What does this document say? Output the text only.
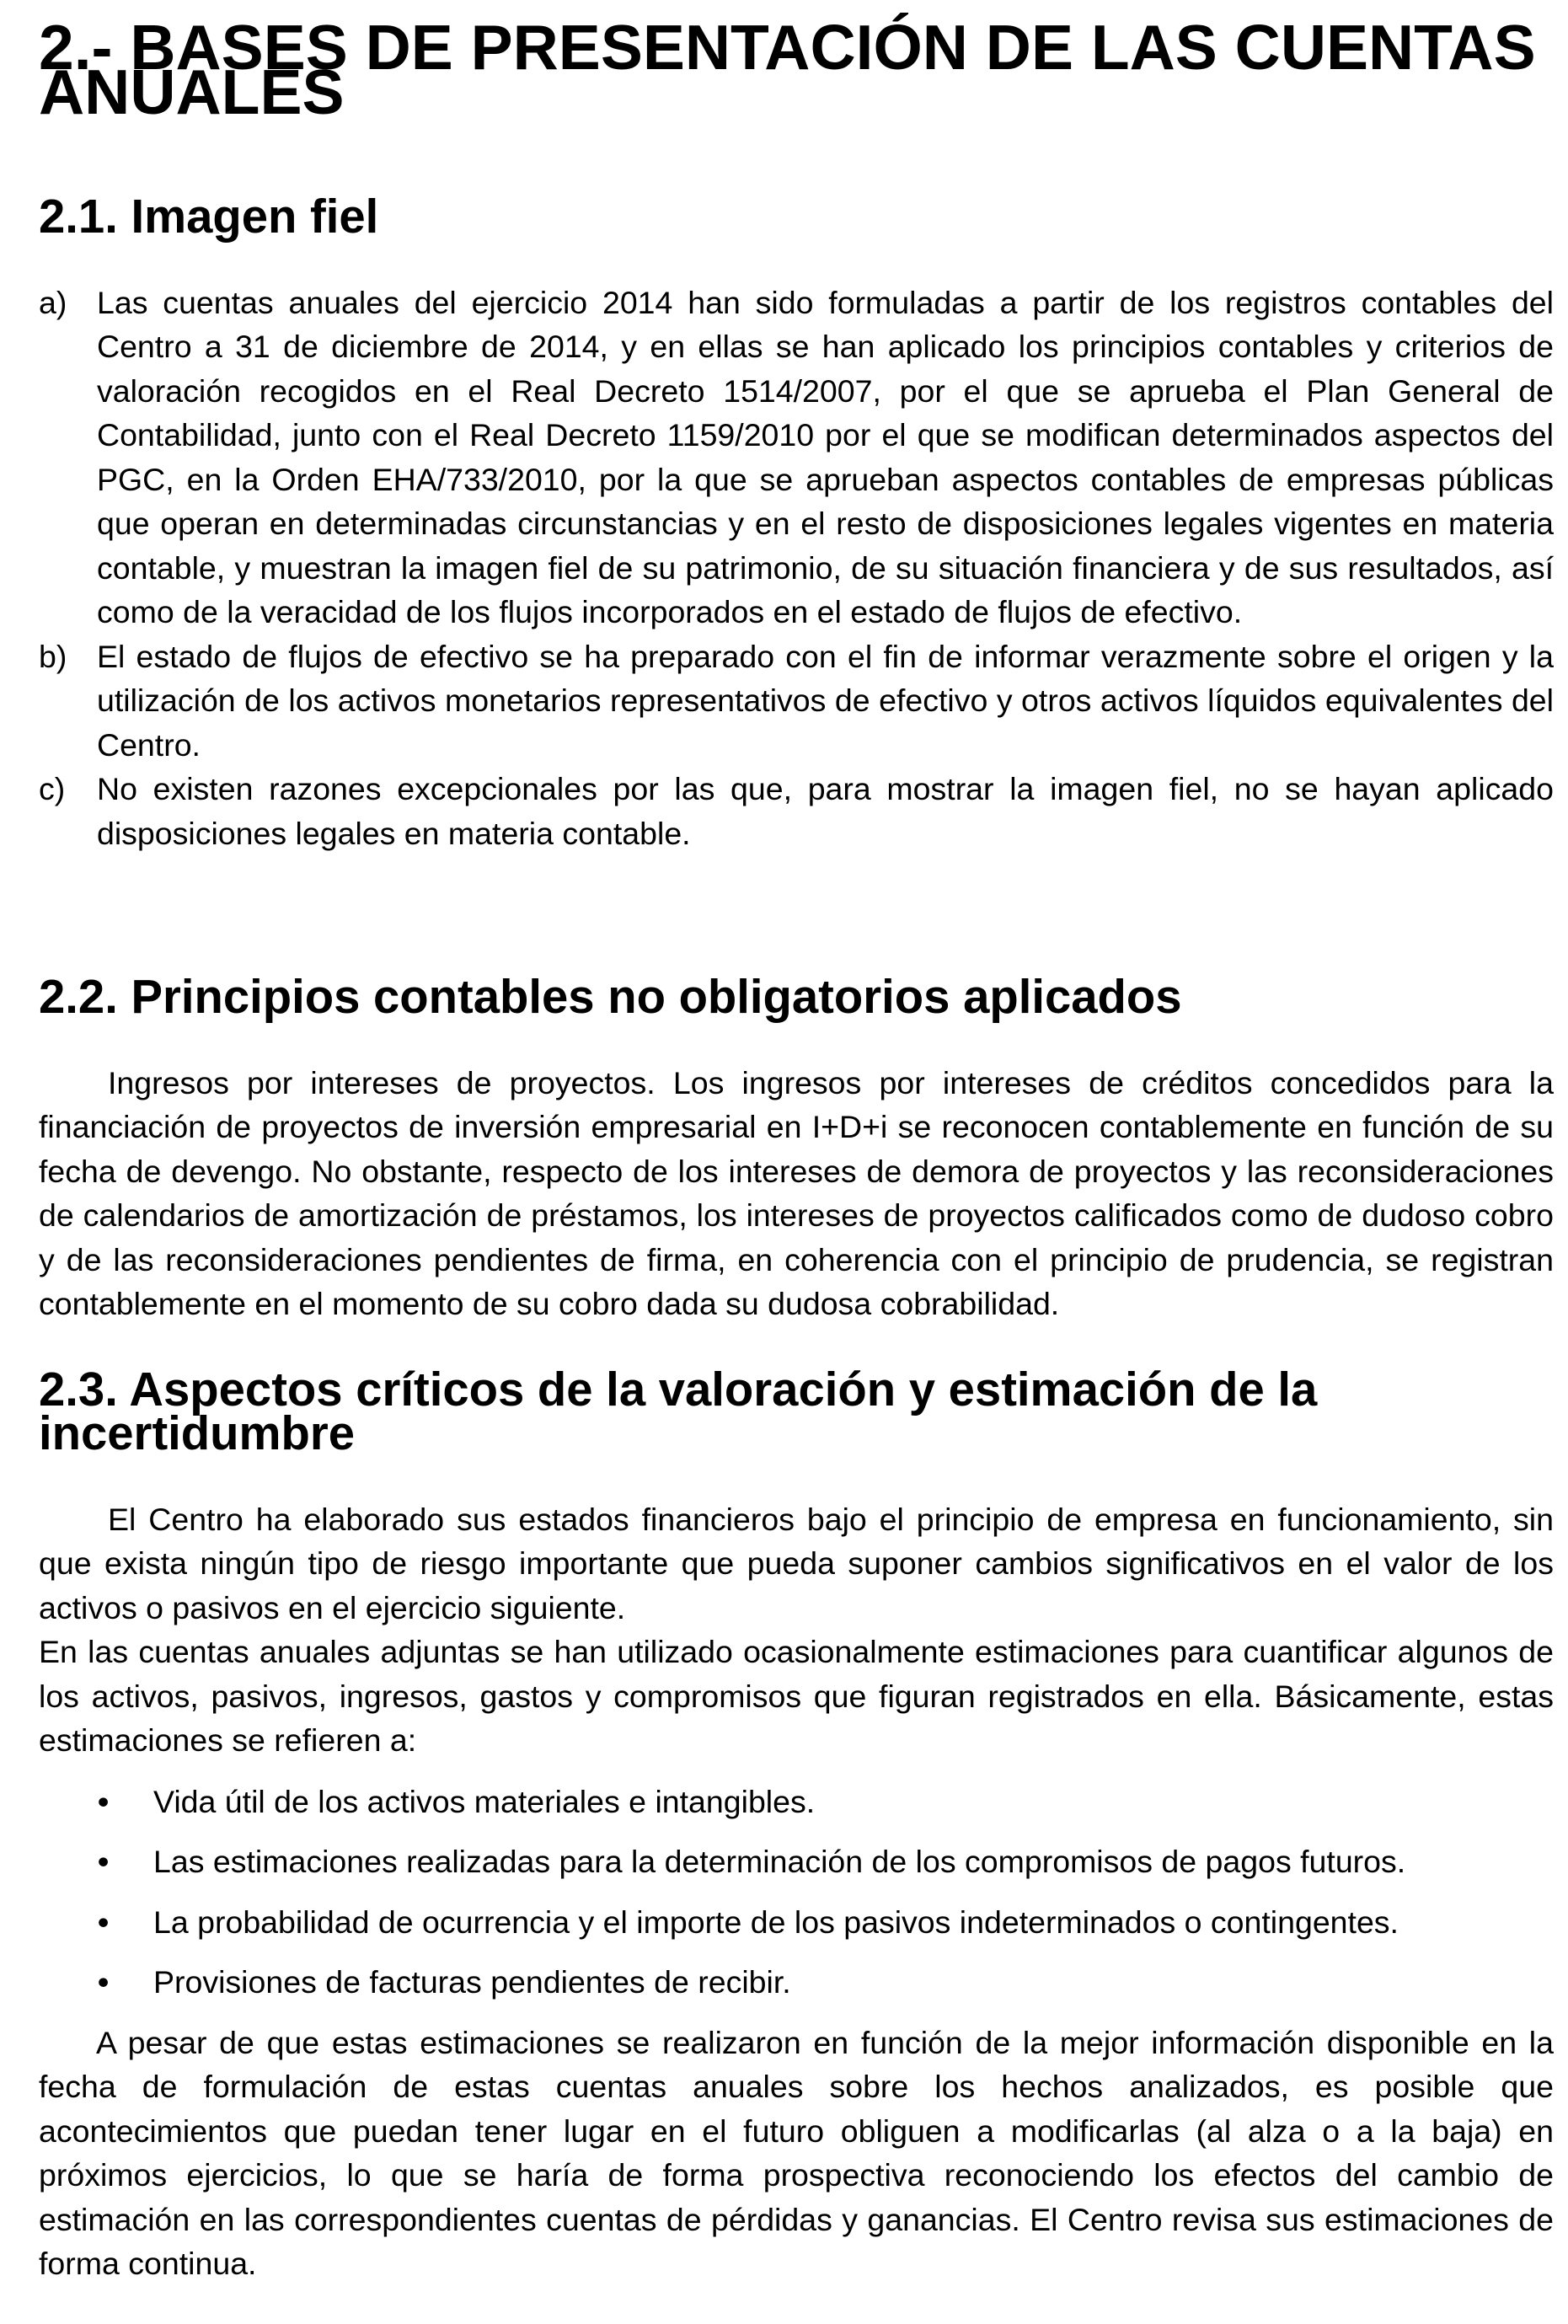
2.- BASES DE PRESENTACIÓN DE LAS CUENTAS ANUALES
2.1. Imagen fiel
a) Las cuentas anuales del ejercicio 2014 han sido formuladas a partir de los registros contables del Centro a 31 de diciembre de 2014, y en ellas se han aplicado los principios contables y criterios de valoración recogidos en el Real Decreto 1514/2007, por el que se aprueba el Plan General de Contabilidad, junto con el Real Decreto 1159/2010 por el que se modifican determinados aspectos del PGC, en la Orden EHA/733/2010, por la que se aprueban aspectos contables de empresas públicas que operan en determinadas circunstancias y en el resto de disposiciones legales vigentes en materia contable, y muestran la imagen fiel de su patrimonio, de su situación financiera y de sus resultados, así como de la veracidad de los flujos incorporados en el estado de flujos de efectivo.
b) El estado de flujos de efectivo se ha preparado con el fin de informar verazmente sobre el origen y la utilización de los activos monetarios representativos de efectivo y otros activos líquidos equivalentes del Centro.
c) No existen razones excepcionales por las que, para mostrar la imagen fiel, no se hayan aplicado disposiciones legales en materia contable.
2.2. Principios contables no obligatorios aplicados

Ingresos por intereses de proyectos. Los ingresos por intereses de créditos concedidos para la financiación de proyectos de inversión empresarial en I+D+i se reconocen contablemente en función de su fecha de devengo. No obstante, respecto de los intereses de demora de proyectos y las reconsideraciones de calendarios de amortización de préstamos, los intereses de proyectos calificados como de dudoso cobro y de las reconsideraciones pendientes de firma, en coherencia con el principio de prudencia, se registran contablemente en el momento de su cobro dada su dudosa cobrabilidad.

2.3. Aspectos críticos de la valoración y estimación de la incertidumbre

El Centro ha elaborado sus estados financieros bajo el principio de empresa en funcionamiento, sin que exista ningún tipo de riesgo importante que pueda suponer cambios significativos en el valor de los activos o pasivos en el ejercicio siguiente.

En las cuentas anuales adjuntas se han utilizado ocasionalmente estimaciones para cuantificar algunos de los activos, pasivos, ingresos, gastos y compromisos que figuran registrados en ella. Básicamente, estas estimaciones se refieren a:

• Vida útil de los activos materiales e intangibles.
• Las estimaciones realizadas para la determinación de los compromisos de pagos futuros.
• La probabilidad de ocurrencia y el importe de los pasivos indeterminados o contingentes.
• Provisiones de facturas pendientes de recibir.

A pesar de que estas estimaciones se realizaron en función de la mejor información disponible en la fecha de formulación de estas cuentas anuales sobre los hechos analizados, es posible que acontecimientos que puedan tener lugar en el futuro obliguen a modificarlas (al alza o a la baja) en próximos ejercicios, lo que se haría de forma prospectiva reconociendo los efectos del cambio de estimación en las correspondientes cuentas de pérdidas y ganancias. El Centro revisa sus estimaciones de forma continua.
